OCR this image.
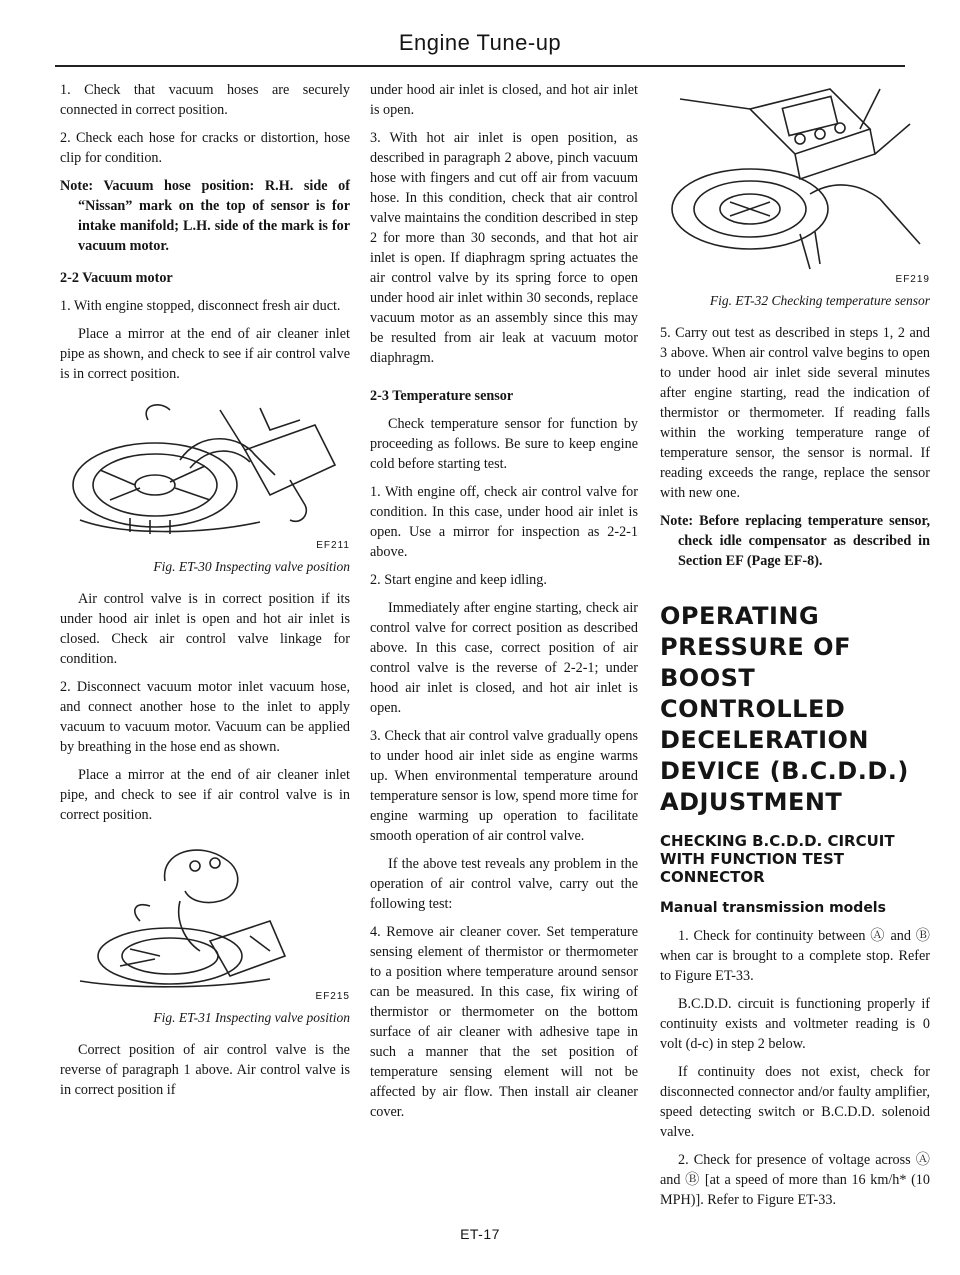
Engine Tune-up

1. Check that vacuum hoses are securely connected in correct position.

2. Check each hose for cracks or distortion, hose clip for condition.

Note: Vacuum hose position: R.H. side of “Nissan” mark on the top of sensor is for intake manifold; L.H. side of the mark is for vacuum motor.

2-2 Vacuum motor

1. With engine stopped, disconnect fresh air duct.

Place a mirror at the end of air cleaner inlet pipe as shown, and check to see if air control valve is in correct position.

EF211
Fig. ET-30 Inspecting valve position

Air control valve is in correct position if its under hood air inlet is open and hot air inlet is closed. Check air control valve linkage for condition.

2. Disconnect vacuum motor inlet vacuum hose, and connect another hose to the inlet to apply vacuum to vacuum motor. Vacuum can be applied by breathing in the hose end as shown.

Place a mirror at the end of air cleaner inlet pipe, and check to see if air control valve is in correct position.

EF215
Fig. ET-31 Inspecting valve position

Correct position of air control valve is the reverse of paragraph 1 above. Air control valve is in correct position if

under hood air inlet is closed, and hot air inlet is open.

3. With hot air inlet is open position, as described in paragraph 2 above, pinch vacuum hose with fingers and cut off air from vacuum hose. In this condition, check that air control valve maintains the condition described in step 2 for more than 30 seconds, and that hot air inlet is open. If diaphragm spring actuates the air control valve by its spring force to open under hood air inlet within 30 seconds, replace vacuum motor as an assembly since this may be resulted from air leak at vacuum motor diaphragm.

2-3 Temperature sensor

Check temperature sensor for function by proceeding as follows. Be sure to keep engine cold before starting test.

1. With engine off, check air control valve for condition. In this case, under hood air inlet is open. Use a mirror for inspection as 2-2-1 above.

2. Start engine and keep idling.

Immediately after engine starting, check air control valve for correct position as described above. In this case, correct position of air control valve is the reverse of 2-2-1; under hood air inlet is closed, and hot air inlet is open.

3. Check that air control valve gradually opens to under hood air inlet side as engine warms up. When environmental temperature around temperature sensor is low, spend more time for engine warming up operation to facilitate smooth operation of air control valve.

If the above test reveals any problem in the operation of air control valve, carry out the following test:

4. Remove air cleaner cover. Set temperature sensing element of thermistor or thermometer to a position where temperature around sensor can be measured. In this case, fix wiring of thermistor or thermometer on the bottom surface of air cleaner with adhesive tape in such a manner that the set position of temperature sensing element will not be affected by air flow. Then install air cleaner cover.

EF219
Fig. ET-32 Checking temperature sensor

5. Carry out test as described in steps 1, 2 and 3 above. When air control valve begins to open to under hood air inlet side several minutes after engine starting, read the indication of thermistor or thermometer. If reading falls within the working temperature range of temperature sensor, the sensor is normal. If reading exceeds the range, replace the sensor with new one.

Note: Before replacing temperature sensor, check idle compensator as described in Section EF (Page EF-8).

OPERATING PRESSURE OF BOOST CONTROLLED DECELERATION DEVICE (B.C.D.D.) ADJUSTMENT
CHECKING B.C.D.D. CIRCUIT WITH FUNCTION TEST CONNECTOR
Manual transmission models

1. Check for continuity between Ⓐ and Ⓑ when car is brought to a complete stop. Refer to Figure ET-33.

B.C.D.D. circuit is functioning properly if continuity exists and voltmeter reading is 0 volt (d-c) in step 2 below.

If continuity does not exist, check for disconnected connector and/or faulty amplifier, speed detecting switch or B.C.D.D. solenoid valve.

2. Check for presence of voltage across Ⓐ and Ⓑ [at a speed of more than 16 km/h* (10 MPH)]. Refer to Figure ET-33.

ET-17
